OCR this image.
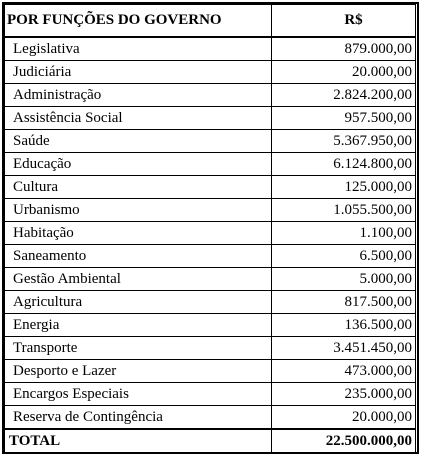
POR FUNÇÕES DO GOVERNO	R$
Legislativa	879.000,00
Judiciária	20.000,00
Administração	2.824.200,00
Assistência Social	957.500,00
Saúde	5.367.950,00
Educação	6.124.800,00
Cultura	125.000,00
Urbanismo	1.055.500,00
Habitação	1.100,00
Saneamento	6.500,00
Gestão Ambiental	5.000,00
Agricultura	817.500,00
Energia	136.500,00
Transporte	3.451.450,00
Desporto e Lazer	473.000,00
Encargos Especiais	235.000,00
Reserva de Contingência	20.000,00
TOTAL	22.500.000,00
